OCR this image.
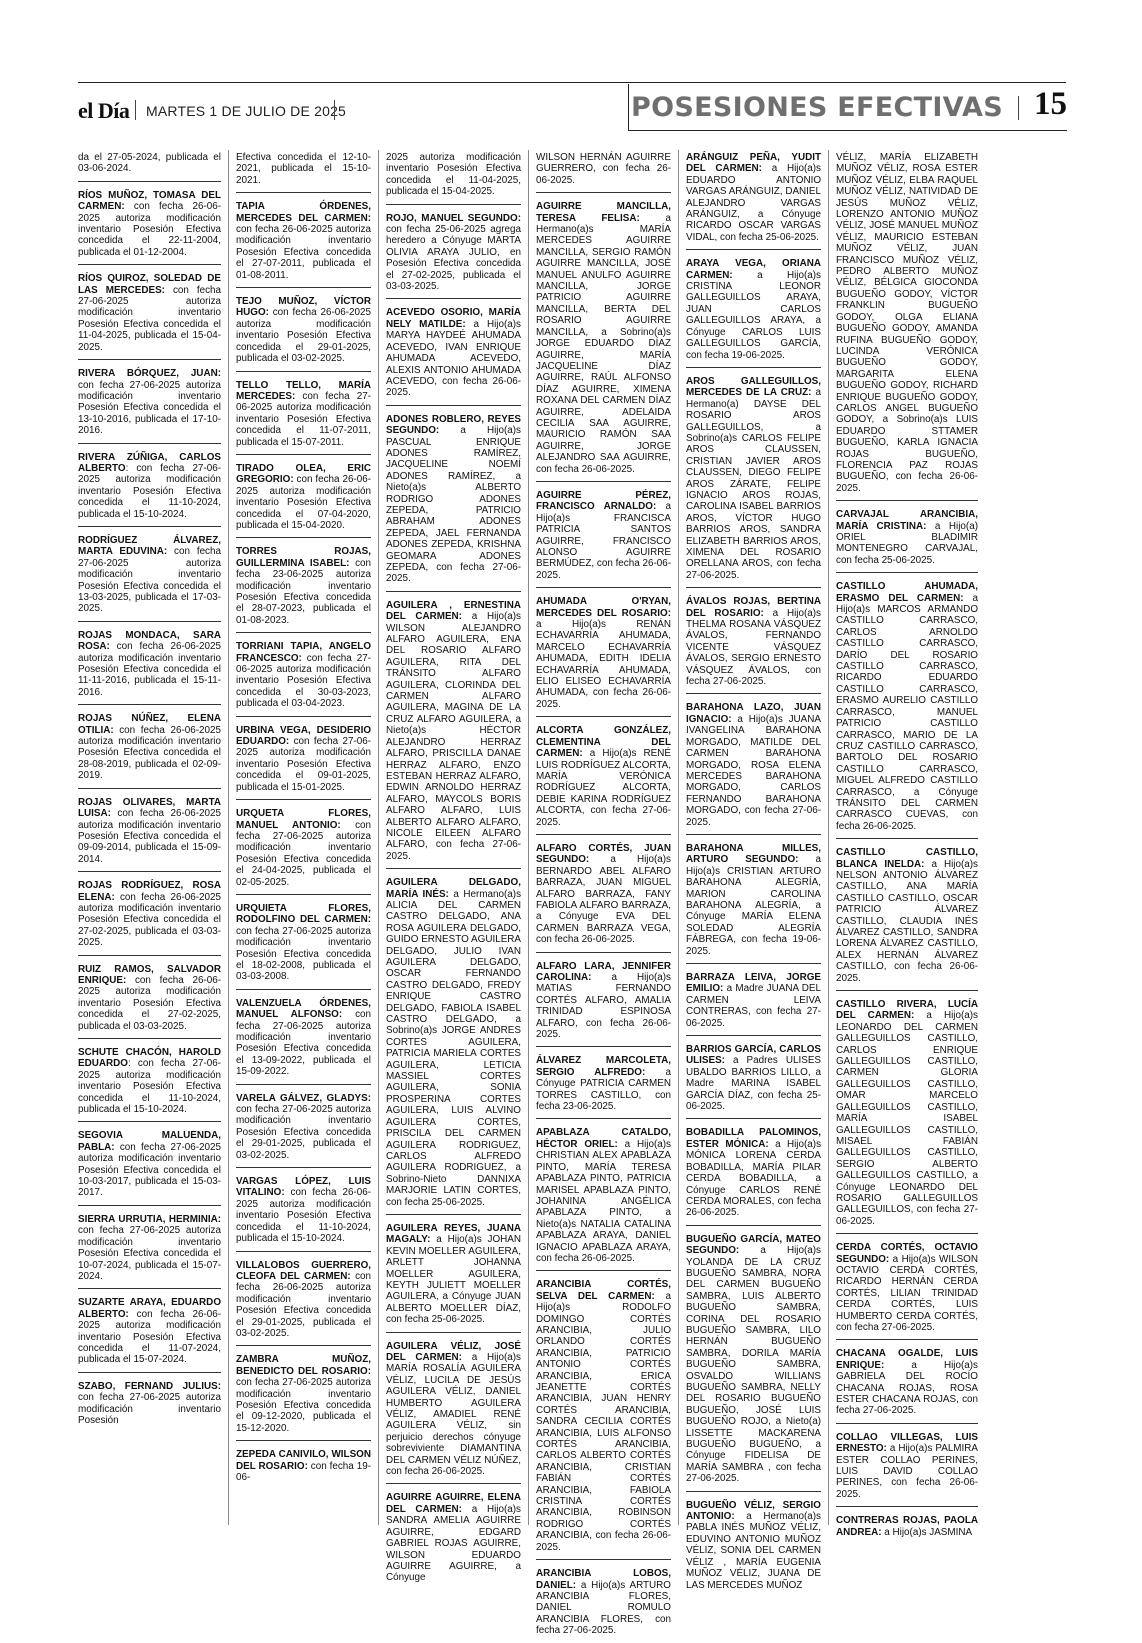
el Día MARTES 1 DE JULIO DE 2025	POSESIONES EFECTIVAS 15
da el 27-05-2024, publicada el 03-06-2024.
RÍOS MUÑOZ, TOMASA DEL CARMEN: con fecha 26-06-2025 autoriza modificación inventario Posesión Efectiva concedida el 22-11-2004, publicada el 01-12-2004.
RÍOS QUIROZ, SOLEDAD DE LAS MERCEDES: con fecha 27-06-2025 autoriza modificación inventario Posesión Efectiva concedida el 11-04-2025, publicada el 15-04-2025.
RIVERA BÓRQUEZ, JUAN: con fecha 27-06-2025 autoriza modificación inventario Posesión Efectiva concedida el 13-10-2016, publicada el 17-10-2016.
RIVERA ZÚÑIGA, CARLOS ALBERTO: con fecha 27-06-2025 autoriza modificación inventario Posesión Efectiva concedida el 11-10-2024, publicada el 15-10-2024.
RODRÍGUEZ ÁLVAREZ, MARTA EDUVINA: con fecha 27-06-2025 autoriza modificación inventario Posesión Efectiva concedida el 13-03-2025, publicada el 17-03-2025.
ROJAS MONDACA, SARA ROSA: con fecha 26-06-2025 autoriza modificación inventario Posesión Efectiva concedida el 11-11-2016, publicada el 15-11-2016.
ROJAS NÚÑEZ, ELENA OTILIA: con fecha 26-06-2025 autoriza modificación inventario Posesión Efectiva concedida el 28-08-2019, publicada el 02-09-2019.
ROJAS OLIVARES, MARTA LUISA: con fecha 26-06-2025 autoriza modificación inventario Posesión Efectiva concedida el 09-09-2014, publicada el 15-09-2014.
ROJAS RODRÍGUEZ, ROSA ELENA: con fecha 26-06-2025 autoriza modificación inventario Posesión Efectiva concedida el 27-02-2025, publicada el 03-03-2025.
RUIZ RAMOS, SALVADOR ENRIQUE: con fecha 26-06-2025 autoriza modificación inventario Posesión Efectiva concedida el 27-02-2025, publicada el 03-03-2025.
SCHUTE CHACÓN, HAROLD EDUARDO: con fecha 27-06-2025 autoriza modificación inventario Posesión Efectiva concedida el 11-10-2024, publicada el 15-10-2024.
SEGOVIA MALUENDA, PABLA: con fecha 27-06-2025 autoriza modificación inventario Posesión Efectiva concedida el 10-03-2017, publicada el 15-03-2017.
SIERRA URRUTIA, HERMINIA: con fecha 27-06-2025 autoriza modificación inventario Posesión Efectiva concedida el 10-07-2024, publicada el 15-07-2024.
SUZARTE ARAYA, EDUARDO ALBERTO: con fecha 26-06-2025 autoriza modificación inventario Posesión Efectiva concedida el 11-07-2024, publicada el 15-07-2024.
SZABO, FERNAND JULIUS: con fecha 27-06-2025 autoriza modificación inventario Posesión
Efectiva concedida el 12-10-2021, publicada el 15-10-2021.
TAPIA ÓRDENES, MERCEDES DEL CARMEN: con fecha 26-06-2025 autoriza modificación inventario Posesión Efectiva concedida el 27-07-2011, publicada el 01-08-2011.
TEJO MUÑOZ, VÍCTOR HUGO: con fecha 26-06-2025 autoriza modificación inventario Posesión Efectiva concedida el 29-01-2025, publicada el 03-02-2025.
TELLO TELLO, MARÍA MERCEDES: con fecha 27-06-2025 autoriza modificación inventario Posesión Efectiva concedida el 11-07-2011, publicada el 15-07-2011.
TIRADO OLEA, ERIC GREGORIO: con fecha 26-06-2025 autoriza modificación inventario Posesión Efectiva concedida el 07-04-2020, publicada el 15-04-2020.
TORRES ROJAS, GUILLERMINA ISABEL: con fecha 23-06-2025 autoriza modificación inventario Posesión Efectiva concedida el 28-07-2023, publicada el 01-08-2023.
TORRIANI TAPIA, ANGELO FRANCESCO: con fecha 27-06-2025 autoriza modificación inventario Posesión Efectiva concedida el 30-03-2023, publicada el 03-04-2023.
URBINA VEGA, DESIDERIO EDUARDO: con fecha 27-06-2025 autoriza modificación inventario Posesión Efectiva concedida el 09-01-2025, publicada el 15-01-2025.
URQUETA FLORES, MANUEL ANTONIO: con fecha 27-06-2025 autoriza modificación inventario Posesión Efectiva concedida el 24-04-2025, publicada el 02-05-2025.
URQUIETA FLORES, RODOLFINO DEL CARMEN: con fecha 27-06-2025 autoriza modificación inventario Posesión Efectiva concedida el 18-02-2008, publicada el 03-03-2008.
VALENZUELA ÓRDENES, MANUEL ALFONSO: con fecha 27-06-2025 autoriza modificación inventario Posesión Efectiva concedida el 13-09-2022, publicada el 15-09-2022.
VARELA GÁLVEZ, GLADYS: con fecha 27-06-2025 autoriza modificación inventario Posesión Efectiva concedida el 29-01-2025, publicada el 03-02-2025.
VARGAS LÓPEZ, LUIS VITALINO: con fecha 26-06-2025 autoriza modificación inventario Posesión Efectiva concedida el 11-10-2024, publicada el 15-10-2024.
VILLALOBOS GUERRERO, CLEOFA DEL CARMEN: con fecha 26-06-2025 autoriza modificación inventario Posesión Efectiva concedida el 29-01-2025, publicada el 03-02-2025.
ZAMBRA MUÑOZ, BENEDICTO DEL ROSARIO: con fecha 27-06-2025 autoriza modificación inventario Posesión Efectiva concedida el 09-12-2020, publicada el 15-12-2020.
ZEPEDA CANIVILO, WILSON DEL ROSARIO: con fecha 19-06-
2025 autoriza modificación inventario Posesión Efectiva concedida el 11-04-2025, publicada el 15-04-2025.
ROJO, MANUEL SEGUNDO: con fecha 25-06-2025 agrega heredero a Cónyuge MARTA OLIVIA ARAYA JULIO, en Posesión Efectiva concedida el 27-02-2025, publicada el 03-03-2025.
ACEVEDO OSORIO, MARÍA NELY MATILDE: a Hijo(a)s MARYA HAYDEÉ AHUMADA ACEVEDO, IVAN ENRIQUE AHUMADA ACEVEDO, ALEXIS ANTONIO AHUMADA ACEVEDO, con fecha 26-06-2025.
ADONES ROBLERO, REYES SEGUNDO: a Hijo(a)s PASCUAL ENRIQUE ADONES RAMÍREZ, JACQUELINE NOEMÍ ADONES RAMÍREZ, a Nieto(a)s ALBERTO RODRIGO ADONES ZEPEDA, PATRICIO ABRAHAM ADONES ZEPEDA, JAEL FERNANDA ADONES ZEPEDA, KRISHNA GEOMARA ADONES ZEPEDA, con fecha 27-06-2025.
AGUILERA , ERNESTINA DEL CARMEN: a Hijo(a)s WILSON ALEJANDRO ALFARO AGUILERA, ENA DEL ROSARIO ALFARO AGUILERA, RITA DEL TRÁNSITO ALFARO AGUILERA, CLORINDA DEL CARMEN ALFARO AGUILERA, MAGINA DE LA CRUZ ALFARO AGUILERA, a Nieto(a)s HÉCTOR ALEJANDRO HERRAZ ALFARO, PRISCILLA DANAE HERRAZ ALFARO, ENZO ESTEBAN HERRAZ ALFARO, EDWIN ARNOLDO HERRAZ ALFARO, MAYCOLS BORIS ALFARO ALFARO, LUIS ALBERTO ALFARO ALFARO, NICOLE EILEEN ALFARO ALFARO, con fecha 27-06-2025.
AGUILERA DELGADO, MARÍA INÉS: a Hermano(a)s ALICIA DEL CARMEN CASTRO DELGADO, ANA ROSA AGUILERA DELGADO, GUIDO ERNESTO AGUILERA DELGADO, JULIO IVAN AGUILERA DELGADO, OSCAR FERNANDO CASTRO DELGADO, FREDY ENRIQUE CASTRO DELGADO, FABIOLA ISABEL CASTRO DELGADO, a Sobrino(a)s JORGE ANDRES CORTES AGUILERA, PATRICIA MARIELA CORTES AGUILERA, LETICIA MASSIEL CORTES AGUILERA, SONIA PROSPERINA CORTES AGUILERA, LUIS ALVINO AGUILERA CORTES, PRISCILA DEL CARMEN AGUILERA RODRIGUEZ, CARLOS ALFREDO AGUILERA RODRIGUEZ, a Sobrino-Nieto DANNIXA MARJORIE LATIN CORTES, con fecha 25-06-2025.
AGUILERA REYES, JUANA MAGALY: a Hijo(a)s JOHAN KEVIN MOELLER AGUILERA, ARLETT JOHANNA MOELLER AGUILERA, KEYTH JULIETT MOELLER AGUILERA, a Cónyuge JUAN ALBERTO MOELLER DÍAZ, con fecha 25-06-2025.
AGUILERA VÉLIZ, JOSÉ DEL CARMEN: a Hijo(a)s MARÍA ROSALÍA AGUILERA VÉLIZ, LUCILA DE JESÚS AGUILERA VÉLIZ, DANIEL HUMBERTO AGUILERA VÉLIZ, AMADIEL RENÉ AGUILERA VÉLIZ, sin perjuicio derechos cónyuge sobreviviente DIAMANTINA DEL CARMEN VÉLIZ NÚÑEZ, con fecha 26-06-2025.
AGUIRRE AGUIRRE, ELENA DEL CARMEN: a Hijo(a)s SANDRA AMELIA AGUIRRE AGUIRRE, EDGARD GABRIEL ROJAS AGUIRRE, WILSON EDUARDO AGUIRRE AGUIRRE, a Cónyuge
WILSON HERNÁN AGUIRRE GUERRERO, con fecha 26-06-2025.
AGUIRRE MANCILLA, TERESA FELISA: a Hermano(a)s MARÍA MERCEDES AGUIRRE MANCILLA, SERGIO RAMÓN AGUIRRE MANCILLA, JOSÉ MANUEL ANULFO AGUIRRE MANCILLA, JORGE PATRICIO AGUIRRE MANCILLA, BERTA DEL ROSARIO AGUIRRE MANCILLA, a Sobrino(a)s JORGE EDUARDO DÍAZ AGUIRRE, MARÍA JACQUELINE DÍAZ AGUIRRE, RAÚL ALFONSO DÍAZ AGUIRRE, XIMENA ROXANA DEL CARMEN DÍAZ AGUIRRE, ADELAIDA CECILIA SAA AGUIRRE, MAURICIO RAMÓN SAA AGUIRRE, JORGE ALEJANDRO SAA AGUIRRE, con fecha 26-06-2025.
AGUIRRE PÉREZ, FRANCISCO ARNALDO: a Hijo(a)s FRANCISCA PATRICIA SANTOS AGUIRRE, FRANCISCO ALONSO AGUIRRE BERMÚDEZ, con fecha 26-06-2025.
AHUMADA O'RYAN, MERCEDES DEL ROSARIO: a Hijo(a)s RENÁN ECHAVARRÍA AHUMADA, MARCELO ECHAVARRÍA AHUMADA, EDITH IDELIA ECHAVARRÍA AHUMADA, ELIO ELISEO ECHAVARRÍA AHUMADA, con fecha 26-06-2025.
ALCORTA GONZÁLEZ, CLEMENTINA DEL CARMEN: a Hijo(a)s RENÉ LUIS RODRÍGUEZ ALCORTA, MARÍA VERÓNICA RODRÍGUEZ ALCORTA, DEBIE KARINA RODRÍGUEZ ALCORTA, con fecha 27-06-2025.
ALFARO CORTÉS, JUAN SEGUNDO: a Hijo(a)s BERNARDO ABEL ALFARO BARRAZA, JUAN MIGUEL ALFARO BARRAZA, FANY FABIOLA ALFARO BARRAZA, a Cónyuge EVA DEL CARMEN BARRAZA VEGA, con fecha 26-06-2025.
ALFARO LARA, JENNIFER CAROLINA: a Hijo(a)s MATIAS FERNANDO CORTÉS ALFARO, AMALIA TRINIDAD ESPINOSA ALFARO, con fecha 26-06-2025.
ÁLVAREZ MARCOLETA, SERGIO ALFREDO: a Cónyuge PATRICIA CARMEN TORRES CASTILLO, con fecha 23-06-2025.
APABLAZA CATALDO, HÉCTOR ORIEL: a Hijo(a)s CHRISTIAN ALEX APABLAZA PINTO, MARÍA TERESA APABLAZA PINTO, PATRICIA MARISEL APABLAZA PINTO, JOHANINA ANGÉLICA APABLAZA PINTO, a Nieto(a)s NATALIA CATALINA APABLAZA ARAYA, DANIEL IGNACIO APABLAZA ARAYA, con fecha 26-06-2025.
ARANCIBIA CORTÉS, SELVA DEL CARMEN: a Hijo(a)s RODOLFO DOMINGO CORTÉS ARANCIBIA, JULIO ORLANDO CORTÉS ARANCIBIA, PATRICIO ANTONIO CORTÉS ARANCIBIA, ERICA JEANETTE CORTÉS ARANCIBIA, JUAN HENRY CORTÉS ARANCIBIA, SANDRA CECILIA CORTÉS ARANCIBIA, LUIS ALFONSO CORTÉS ARANCIBIA, CARLOS ALBERTO CORTÉS ARANCIBIA, CRISTIAN FABIÁN CORTÉS ARANCIBIA, FABIOLA CRISTINA CORTÉS ARANCIBIA, ROBINSON RODRIGO CORTÉS ARANCIBIA, con fecha 26-06-2025.
ARANCIBIA LOBOS, DANIEL: a Hijo(a)s ARTURO ARANCIBIA FLORES, DANIEL ROMULO ARANCIBIA FLORES, con fecha 27-06-2025.
ARÁNGUIZ PEÑA, YUDIT DEL CARMEN: a Hijo(a)s EDUARDO ANTONIO VARGAS ARÁNGUIZ, DANIEL ALEJANDRO VARGAS ARÁNGUIZ, a Cónyuge RICARDO OSCAR VARGAS VIDAL, con fecha 25-06-2025.
ARAYA VEGA, ORIANA CARMEN: a Hijo(a)s CRISTINA LEONOR GALLEGUILLOS ARAYA, JUAN CARLOS GALLEGUILLOS ARAYA, a Cónyuge CARLOS LUIS GALLEGUILLOS GARCÍA, con fecha 19-06-2025.
AROS GALLEGUILLOS, MERCEDES DE LA CRUZ: a Hermano(a) DAYSE DEL ROSARIO AROS GALLEGUILLOS, a Sobrino(a)s CARLOS FELIPE AROS CLAUSSEN, CRISTIAN JAVIER AROS CLAUSSEN, DIEGO FELIPE AROS ZÁRATE, FELIPE IGNACIO AROS ROJAS, CAROLINA ISABEL BARRIOS AROS, VÍCTOR HUGO BARRIOS AROS, SANDRA ELIZABETH BARRIOS AROS, XIMENA DEL ROSARIO ORELLANA AROS, con fecha 27-06-2025.
ÁVALOS ROJAS, BERTINA DEL ROSARIO: a Hijo(a)s THELMA ROSANA VÁSQUEZ ÁVALOS, FERNANDO VICENTE VÁSQUEZ ÁVALOS, SERGIO ERNESTO VÁSQUEZ ÁVALOS, con fecha 27-06-2025.
BARAHONA LAZO, JUAN IGNACIO: a Hijo(a)s JUANA IVANGELINA BARAHONA MORGADO, MATILDE DEL CARMEN BARAHONA MORGADO, ROSA ELENA MERCEDES BARAHONA MORGADO, CARLOS FERNANDO BARAHONA MORGADO, con fecha 27-06-2025.
BARAHONA MILLES, ARTURO SEGUNDO: a Hijo(a)s CRISTIAN ARTURO BARAHONA ALEGRÍA, MARION CAROLINA BARAHONA ALEGRÍA, a Cónyuge MARÍA ELENA SOLEDAD ALEGRÍA FÁBREGA, con fecha 19-06-2025.
BARRAZA LEIVA, JORGE EMILIO: a Madre JUANA DEL CARMEN LEIVA CONTRERAS, con fecha 27-06-2025.
BARRIOS GARCÍA, CARLOS ULISES: a Padres ULISES UBALDO BARRIOS LILLO, a Madre MARINA ISABEL GARCÍA DÍAZ, con fecha 25-06-2025.
BOBADILLA PALOMINOS, ESTER MÓNICA: a Hijo(a)s MÓNICA LORENA CERDA BOBADILLA, MARÍA PILAR CERDA BOBADILLA, a Cónyuge CARLOS RENÉ CERDA MORALES, con fecha 26-06-2025.
BUGUEÑO GARCÍA, MATEO SEGUNDO: a Hijo(a)s YOLANDA DE LA CRUZ BUGUEÑO SAMBRA, NORA DEL CARMEN BUGUEÑO SAMBRA, LUIS ALBERTO BUGUEÑO SAMBRA, CORINA DEL ROSARIO BUGUEÑO SAMBRA, LILO HERNÁN BUGUEÑO SAMBRA, DORILA MARÍA BUGUEÑO SAMBRA, OSVALDO WILLIANS BUGUEÑO SAMBRA, NELLY DEL ROSARIO BUGUEÑO BUGUEÑO, JOSÉ LUIS BUGUEÑO ROJO, a Nieto(a) LISSETTE MACKARENA BUGUEÑO BUGUEÑO, a Cónyuge FIDELISA DE MARÍA SAMBRA , con fecha 27-06-2025.
BUGUEÑO VÉLIZ, SERGIO ANTONIO: a Hermano(a)s PABLA INÉS MUÑOZ VÉLIZ, EDUVINO ANTONIO MUÑOZ VÉLIZ, SONIA DEL CARMEN VÉLIZ , MARÍA EUGENIA MUÑOZ VÉLIZ, JUANA DE LAS MERCEDES MUÑOZ
VÉLIZ, MARÍA ELIZABETH MUÑOZ VÉLIZ, ROSA ESTER MUÑOZ VÉLIZ, ELBA RAQUEL MUÑOZ VÉLIZ, NATIVIDAD DE JESÚS MUÑOZ VÉLIZ, LORENZO ANTONIO MUÑOZ VÉLIZ, JOSÉ MANUEL MUÑOZ VÉLIZ, MAURICIO ESTEBAN MUÑOZ VÉLIZ, JUAN FRANCISCO MUÑOZ VÉLIZ, PEDRO ALBERTO MUÑOZ VÉLIZ, BÉLGICA GIOCONDA BUGUEÑO GODOY, VÍCTOR FRANKLIN BUGUEÑO GODOY, OLGA ELIANA BUGUEÑO GODOY, AMANDA RUFINA BUGUEÑO GODOY, LUCINDA VERÓNICA BUGUEÑO GODOY, MARGARITA ELENA BUGUEÑO GODOY, RICHARD ENRIQUE BUGUEÑO GODOY, CARLOS ANGEL BUGUEÑO GODOY, a Sobrino(a)s LUIS EDUARDO STTAMER BUGUEÑO, KARLA IGNACIA ROJAS BUGUEÑO, FLORENCIA PAZ ROJAS BUGUEÑO, con fecha 26-06-2025.
CARVAJAL ARANCIBIA, MARÍA CRISTINA: a Hijo(a) ORIEL BLADIMIR MONTENEGRO CARVAJAL, con fecha 25-06-2025.
CASTILLO AHUMADA, ERASMO DEL CARMEN: a Hijo(a)s MARCOS ARMANDO CASTILLO CARRASCO, CARLOS ARNOLDO CASTILLO CARRASCO, DARÍO DEL ROSARIO CASTILLO CARRASCO, RICARDO EDUARDO CASTILLO CARRASCO, ERASMO AURELIO CASTILLO CARRASCO, MANUEL PATRICIO CASTILLO CARRASCO, MARIO DE LA CRUZ CASTILLO CARRASCO, BARTOLO DEL ROSARIO CASTILLO CARRASCO, MIGUEL ALFREDO CASTILLO CARRASCO, a Cónyuge TRÁNSITO DEL CARMEN CARRASCO CUEVAS, con fecha 26-06-2025.
CASTILLO CASTILLO, BLANCA INELDA: a Hijo(a)s NELSON ANTONIO ÁLVAREZ CASTILLO, ANA MARÍA CASTILLO CASTILLO, OSCAR PATRICIO ÁLVAREZ CASTILLO, CLAUDIA INÉS ÁLVAREZ CASTILLO, SANDRA LORENA ÁLVAREZ CASTILLO, ALEX HERNÁN ÁLVAREZ CASTILLO, con fecha 26-06-2025.
CASTILLO RIVERA, LUCÍA DEL CARMEN: a Hijo(a)s LEONARDO DEL CARMEN GALLEGUILLOS CASTILLO, CARLOS ENRIQUE GALLEGUILLOS CASTILLO, CARMEN GLORIA GALLEGUILLOS CASTILLO, OMAR MARCELO GALLEGUILLOS CASTILLO, MARÍA ISABEL GALLEGUILLOS CASTILLO, MISAEL FABIÁN GALLEGUILLOS CASTILLO, SERGIO ALBERTO GALLEGUILLOS CASTILLO, a Cónyuge LEONARDO DEL ROSARIO GALLEGUILLOS GALLEGUILLOS, con fecha 27-06-2025.
CERDA CORTÉS, OCTAVIO SEGUNDO: a Hijo(a)s WILSON OCTAVIO CERDA CORTÉS, RICARDO HERNÁN CERDA CORTÉS, LILIAN TRINIDAD CERDA CORTÉS, LUIS HUMBERTO CERDA CORTÉS, con fecha 27-06-2025.
CHACANA OGALDE, LUIS ENRIQUE: a Hijo(a)s GABRIELA DEL ROCÍO CHACANA ROJAS, ROSA ESTER CHACANA ROJAS, con fecha 27-06-2025.
COLLAO VILLEGAS, LUIS ERNESTO: a Hijo(a)s PALMIRA ESTER COLLAO PERINES, LUIS DAVID COLLAO PERINES, con fecha 26-06-2025.
CONTRERAS ROJAS, PAOLA ANDREA: a Hijo(a)s JASMINA
